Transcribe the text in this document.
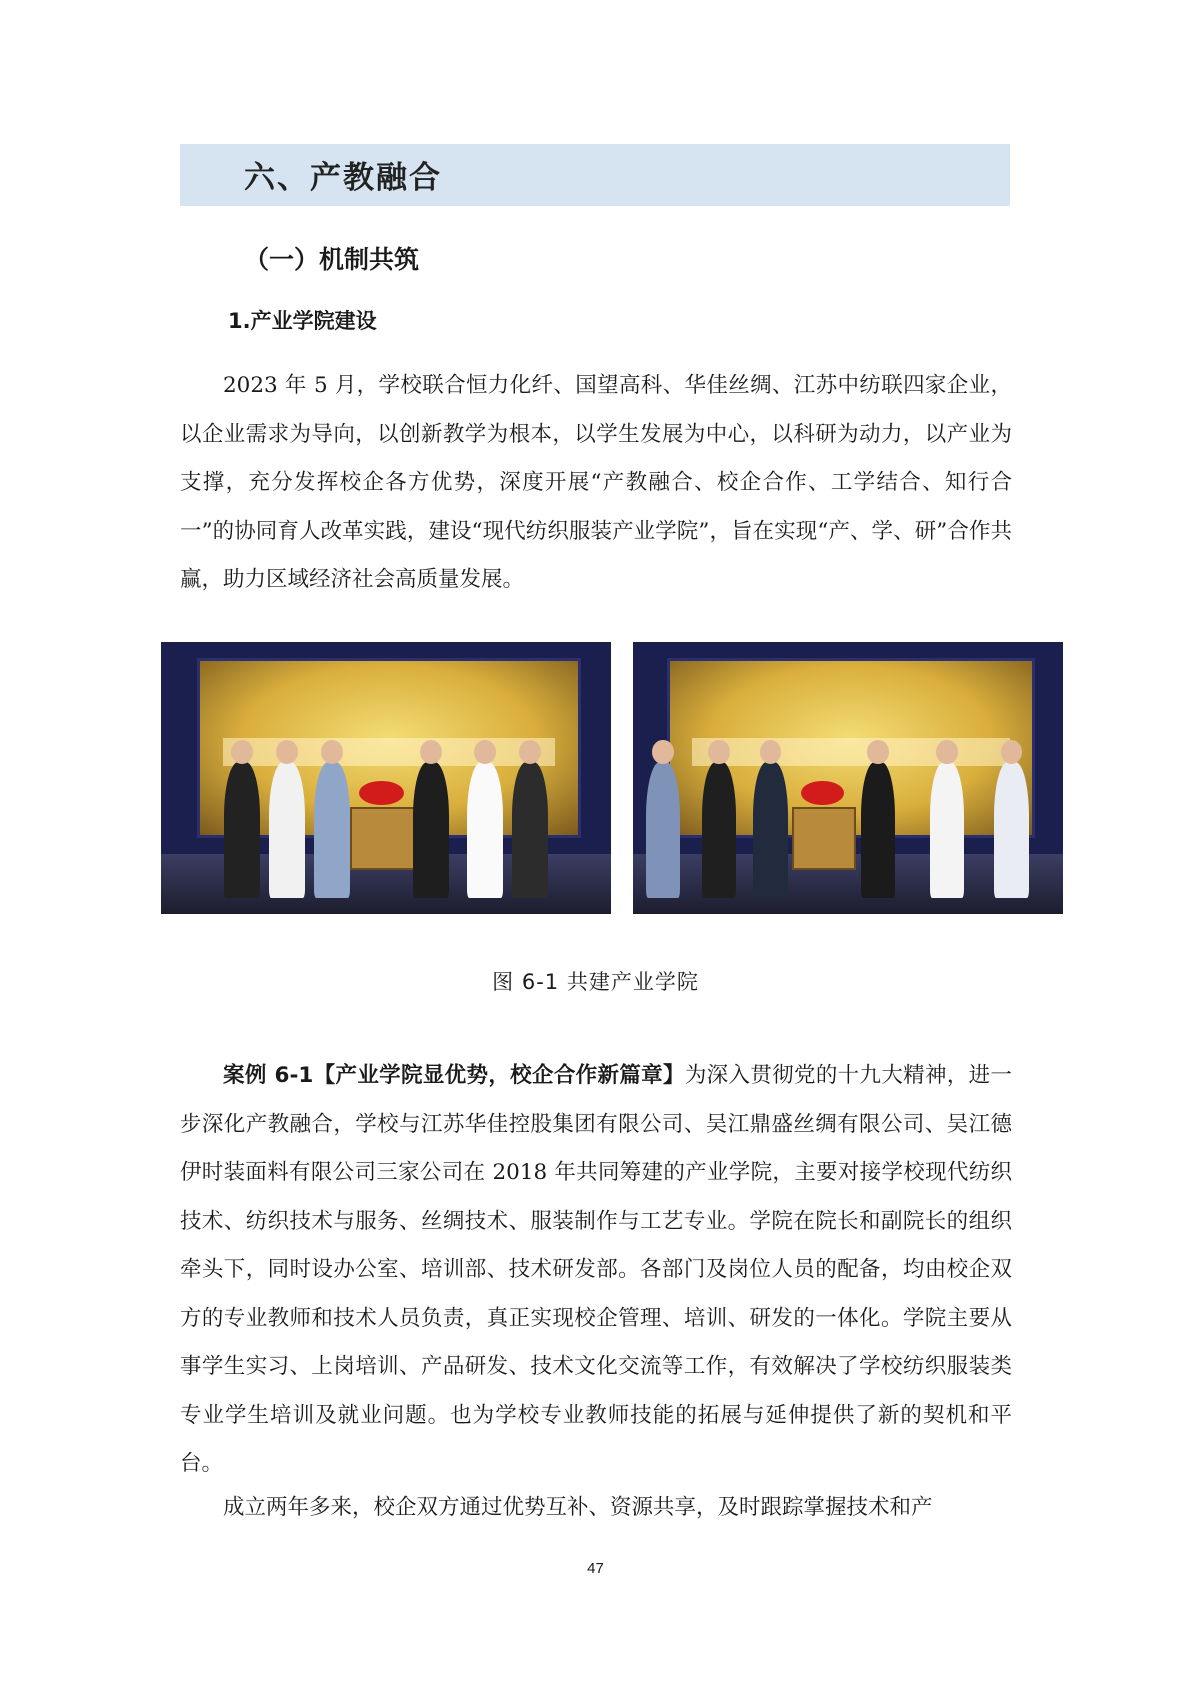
六、产教融合
（一）机制共筑
1.产业学院建设

2023 年 5 月，学校联合恒力化纤、国望高科、华佳丝绸、江苏中纺联四家企业，以企业需求为导向，以创新教学为根本，以学生发展为中心，以科研为动力，以产业为支撑，充分发挥校企各方优势，深度开展“产教融合、校企合作、工学结合、知行合一”的协同育人改革实践，建设“现代纺织服装产业学院”，旨在实现“产、学、研”合作共赢，助力区域经济社会高质量发展。

图 6-1 共建产业学院

案例 6-1【产业学院显优势，校企合作新篇章】为深入贯彻党的十九大精神，进一步深化产教融合，学校与江苏华佳控股集团有限公司、吴江鼎盛丝绸有限公司、吴江德伊时装面料有限公司三家公司在 2018 年共同筹建的产业学院，主要对接学校现代纺织技术、纺织技术与服务、丝绸技术、服装制作与工艺专业。学院在院长和副院长的组织牵头下，同时设办公室、培训部、技术研发部。各部门及岗位人员的配备，均由校企双方的专业教师和技术人员负责，真正实现校企管理、培训、研发的一体化。学院主要从事学生实习、上岗培训、产品研发、技术文化交流等工作，有效解决了学校纺织服装类专业学生培训及就业问题。也为学校专业教师技能的拓展与延伸提供了新的契机和平台。

成立两年多来，校企双方通过优势互补、资源共享，及时跟踪掌握技术和产

47
